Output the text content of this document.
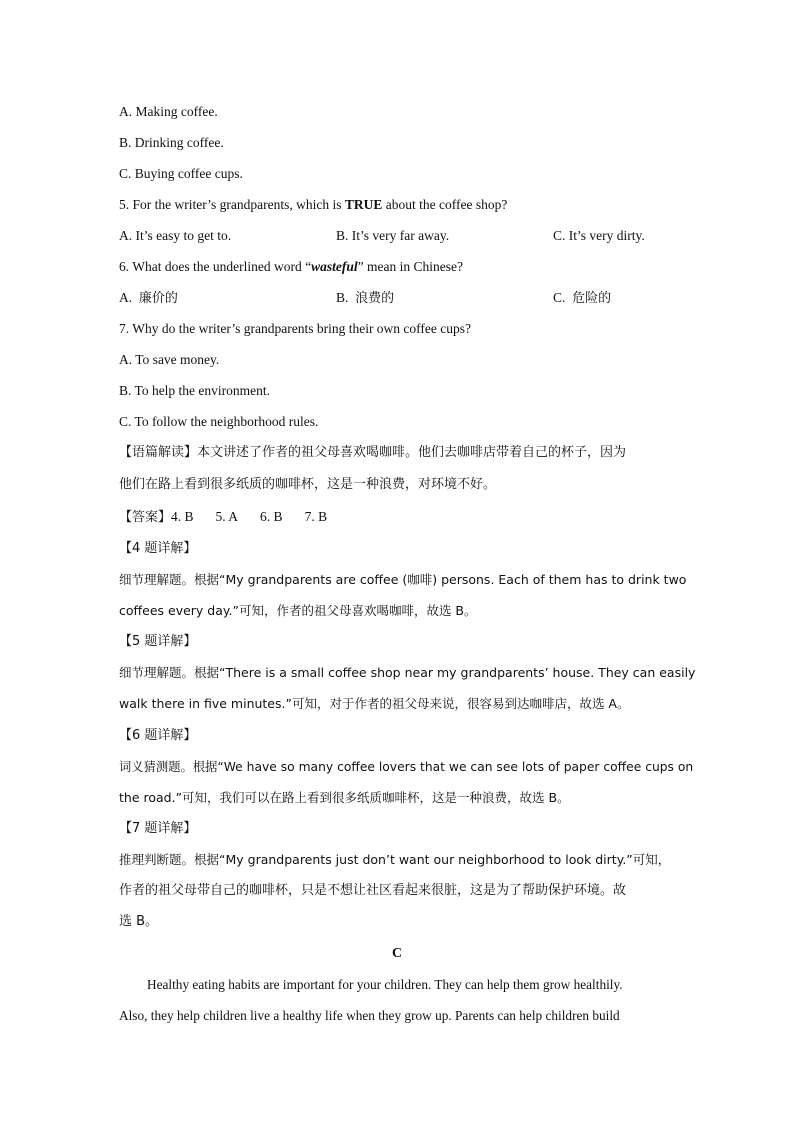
A. Making coffee.
B. Drinking coffee.
C. Buying coffee cups.
5. For the writer’s grandparents, which is TRUE about the coffee shop?
A. It’s easy to get to.	B. It’s very far away.	C. It’s very dirty.
6. What does the underlined word “wasteful” mean in Chinese?
A. 廉价的	B. 浪费的	C. 危险的
7. Why do the writer’s grandparents bring their own coffee cups?
A. To save money.
B. To help the environment.
C. To follow the neighborhood rules.
【语篇解读】本文讲述了作者的祖父母喜欢喝咖啡。他们去咖啡店带着自己的杯子，因为
他们在路上看到很多纸质的咖啡杯，这是一种浪费，对环境不好。
【答案】4. B 5. A 6. B 7. B
【4 题详解】
细节理解题。根据“My grandparents are coffee (咖啡) persons. Each of them has to drink two
coffees every day.”可知，作者的祖父母喜欢喝咖啡，故选 B。
【5 题详解】
细节理解题。根据“There is a small coffee shop near my grandparents’ house. They can easily
walk there in five minutes.”可知，对于作者的祖父母来说，很容易到达咖啡店，故选 A。
【6 题详解】
词义猜测题。根据“We have so many coffee lovers that we can see lots of paper coffee cups on
the road.”可知，我们可以在路上看到很多纸质咖啡杯，这是一种浪费，故选 B。
【7 题详解】
推理判断题。根据“My grandparents just don’t want our neighborhood to look dirty.”可知，
作者的祖父母带自己的咖啡杯，只是不想让社区看起来很脏，这是为了帮助保护环境。故
选 B。
C
Healthy eating habits are important for your children. They can help them grow healthily.
Also, they help children live a healthy life when they grow up. Parents can help children build
